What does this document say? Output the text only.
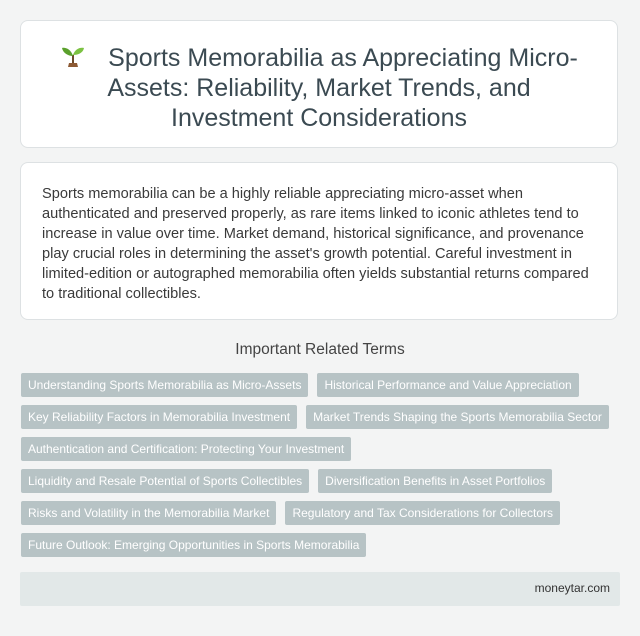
Sports Memorabilia as Appreciating Micro-Assets: Reliability, Market Trends, and Investment Considerations

Sports memorabilia can be a highly reliable appreciating micro-asset when authenticated and preserved properly, as rare items linked to iconic athletes tend to increase in value over time. Market demand, historical significance, and provenance play crucial roles in determining the asset's growth potential. Careful investment in limited-edition or autographed memorabilia often yields substantial returns compared to traditional collectibles.

Important Related Terms
Understanding Sports Memorabilia as Micro-Assets	Historical Performance and Value Appreciation
Key Reliability Factors in Memorabilia Investment	Market Trends Shaping the Sports Memorabilia Sector
Authentication and Certification: Protecting Your Investment
Liquidity and Resale Potential of Sports Collectibles	Diversification Benefits in Asset Portfolios
Risks and Volatility in the Memorabilia Market	Regulatory and Tax Considerations for Collectors
Future Outlook: Emerging Opportunities in Sports Memorabilia
moneytar.com
